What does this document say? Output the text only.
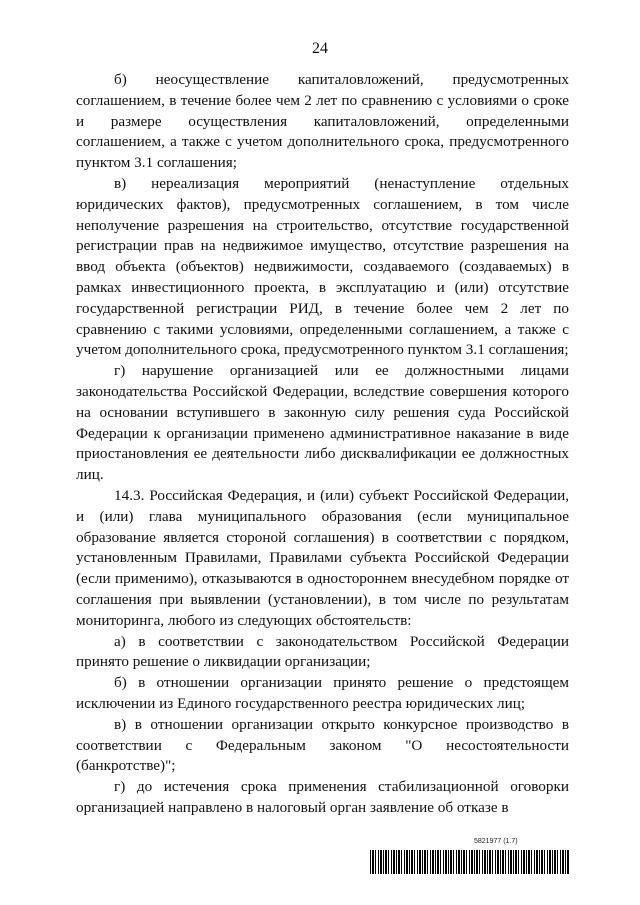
24

б) неосуществление капиталовложений, предусмотренных соглашением, в течение более чем 2 лет по сравнению с условиями о сроке и размере осуществления капиталовложений, определенными соглашением, а также с учетом дополнительного срока, предусмотренного пунктом 3.1 соглашения;

в) нереализация мероприятий (ненаступление отдельных юридических фактов), предусмотренных соглашением, в том числе неполучение разрешения на строительство, отсутствие государственной регистрации прав на недвижимое имущество, отсутствие разрешения на ввод объекта (объектов) недвижимости, создаваемого (создаваемых) в рамках инвестиционного проекта, в эксплуатацию и (или) отсутствие государственной регистрации РИД, в течение более чем 2 лет по сравнению с такими условиями, определенными соглашением, а также с учетом дополнительного срока, предусмотренного пунктом 3.1 соглашения;

г) нарушение организацией или ее должностными лицами законодательства Российской Федерации, вследствие совершения которого на основании вступившего в законную силу решения суда Российской Федерации к организации применено административное наказание в виде приостановления ее деятельности либо дисквалификации ее должностных лиц.

14.3. Российская Федерация, и (или) субъект Российской Федерации, и (или) глава муниципального образования (если муниципальное образование является стороной соглашения) в соответствии с порядком, установленным Правилами, Правилами субъекта Российской Федерации (если применимо), отказываются в одностороннем внесудебном порядке от соглашения при выявлении (установлении), в том числе по результатам мониторинга, любого из следующих обстоятельств:

а) в соответствии с законодательством Российской Федерации принято решение о ликвидации организации;

б) в отношении организации принято решение о предстоящем исключении из Единого государственного реестра юридических лиц;

в) в отношении организации открыто конкурсное производство в соответствии с Федеральным законом "О несостоятельности (банкротстве)";

г) до истечения срока применения стабилизационной оговорки организацией направлено в налоговый орган заявление об отказе в

5821977 (1.7)
